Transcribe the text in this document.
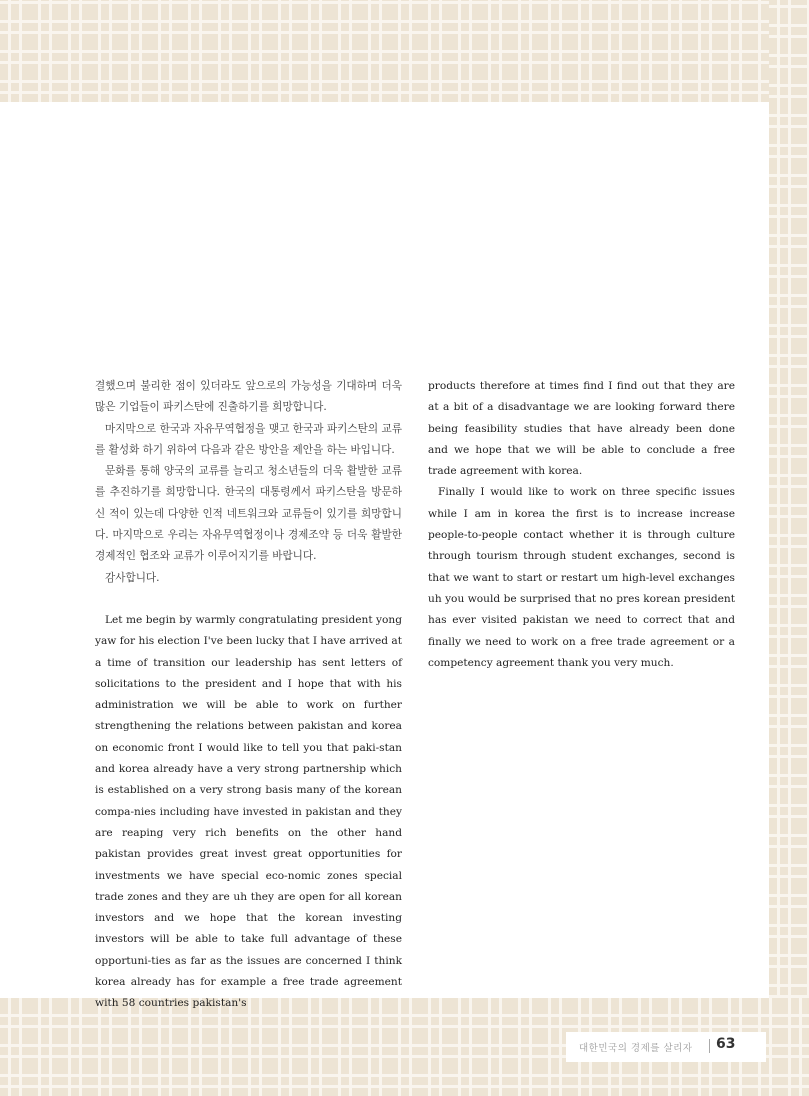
결했으며 불리한 점이 있더라도 앞으로의 가능성을 기대하며 더욱 많은 기업들이 파키스탄에 진출하기를 희망합니다.

마지막으로 한국과 자유무역협정을 맺고 한국과 파키스탄의 교류를 활성화 하기 위하여 다음과 같은 방안을 제안을 하는 바입니다.

문화를 통해 양국의 교류를 늘리고 청소년들의 더욱 활발한 교류를 추진하기를 희망합니다. 한국의 대통령께서 파키스탄을 방문하신 적이 있는데 다양한 인적 네트워크와 교류들이 있기를 희망합니다. 마지막으로 우리는 자유무역협정이나 경제조약 등 더욱 활발한 경제적인 협조와 교류가 이루어지기를 바랍니다.

감사합니다.

Let me begin by warmly congratulating president yong yaw for his election I've been lucky that I have arrived at a time of transition our leadership has sent letters of solicitations to the president and I hope that with his administration we will be able to work on further strengthening the relations between pakistan and korea on economic front I would like to tell you that paki-stan and korea already have a very strong partnership which is established on a very strong basis many of the korean compa-nies including have invested in pakistan and they are reaping very rich benefits on the other hand pakistan provides great invest great opportunities for investments we have special eco-nomic zones special trade zones and they are uh they are open for all korean investors and we hope that the korean investing investors will be able to take full advantage of these opportuni-ties as far as the issues are concerned I think korea already has for example a free trade agreement with 58 countries pakistan's

products therefore at times find I find out that they are at a bit of a disadvantage we are looking forward there being feasibility studies that have already been done and we hope that we will be able to conclude a free trade agreement with korea.

Finally I would like to work on three specific issues while I am in korea the first is to increase increase people-to-people contact whether it is through culture through tourism through student exchanges, second is that we want to start or restart um high-level exchanges uh you would be surprised that no pres korean president has ever visited pakistan we need to correct that and finally we need to work on a free trade agreement or a competency agreement thank you very much.

대한민국의 경제를 살리자 63
